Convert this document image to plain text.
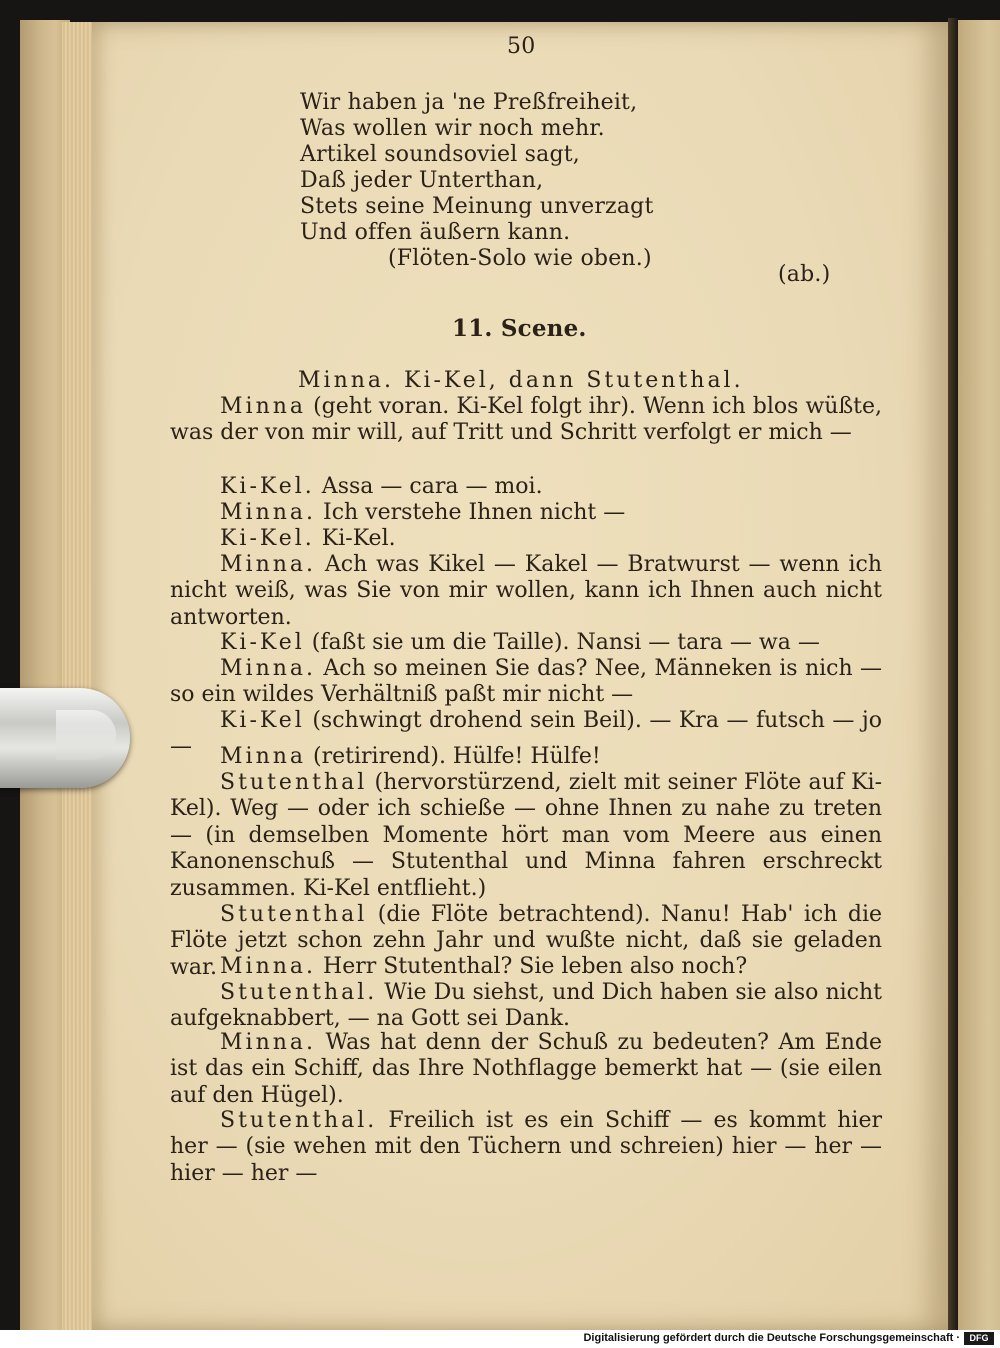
50
Wir haben ja 'ne Preßfreiheit,
Was wollen wir noch mehr.
Artikel soundsoviel sagt,
Daß jeder Unterthan,
Stets seine Meinung unverzagt
Und offen äußern kann.
(Flöten-Solo wie oben.)
(ab.)
11. Scene.
Minna. Ki-Kel, dann Stutenthal.
Minna (geht voran. Ki-Kel folgt ihr). Wenn ich blos wüßte, was der von mir will, auf Tritt und Schritt verfolgt er mich —
Ki-Kel. Assa — cara — moi.
Minna. Ich verstehe Ihnen nicht —
Ki-Kel. Ki-Kel.
Minna. Ach was Kikel — Kakel — Bratwurst — wenn ich nicht weiß, was Sie von mir wollen, kann ich Ihnen auch nicht antworten.
Ki-Kel (faßt sie um die Taille). Nansi — tara — wa —
Minna. Ach so meinen Sie das? Nee, Männeken is nich — so ein wildes Verhältniß paßt mir nicht —
Ki-Kel (schwingt drohend sein Beil). — Kra — futsch — jo —	Minna (retirirend). Hülfe! Hülfe!
Stutenthal (hervorstürzend, zielt mit seiner Flöte auf Ki-Kel). Weg — oder ich schieße — ohne Ihnen zu nahe zu treten — (in demselben Momente hört man vom Meere aus einen Kanonenschuß — Stutenthal und Minna fahren erschreckt zusammen. Ki-Kel entflieht.)
Stutenthal (die Flöte betrachtend). Nanu! Hab' ich die Flöte jetzt schon zehn Jahr und wußte nicht, daß sie geladen war. Minna. Herr Stutenthal? Sie leben also noch?
Stutenthal. Wie Du siehst, und Dich haben sie also nicht aufgeknabbert, — na Gott sei Dank.
Minna. Was hat denn der Schuß zu bedeuten? Am Ende ist das ein Schiff, das Ihre Nothflagge bemerkt hat — (sie eilen auf den Hügel).
Stutenthal. Freilich ist es ein Schiff — es kommt hier her — (sie wehen mit den Tüchern und schreien) hier — her — hier — her —
Digitalisierung gefördert durch die Deutsche Forschungsgemeinschaft ·	DFG
